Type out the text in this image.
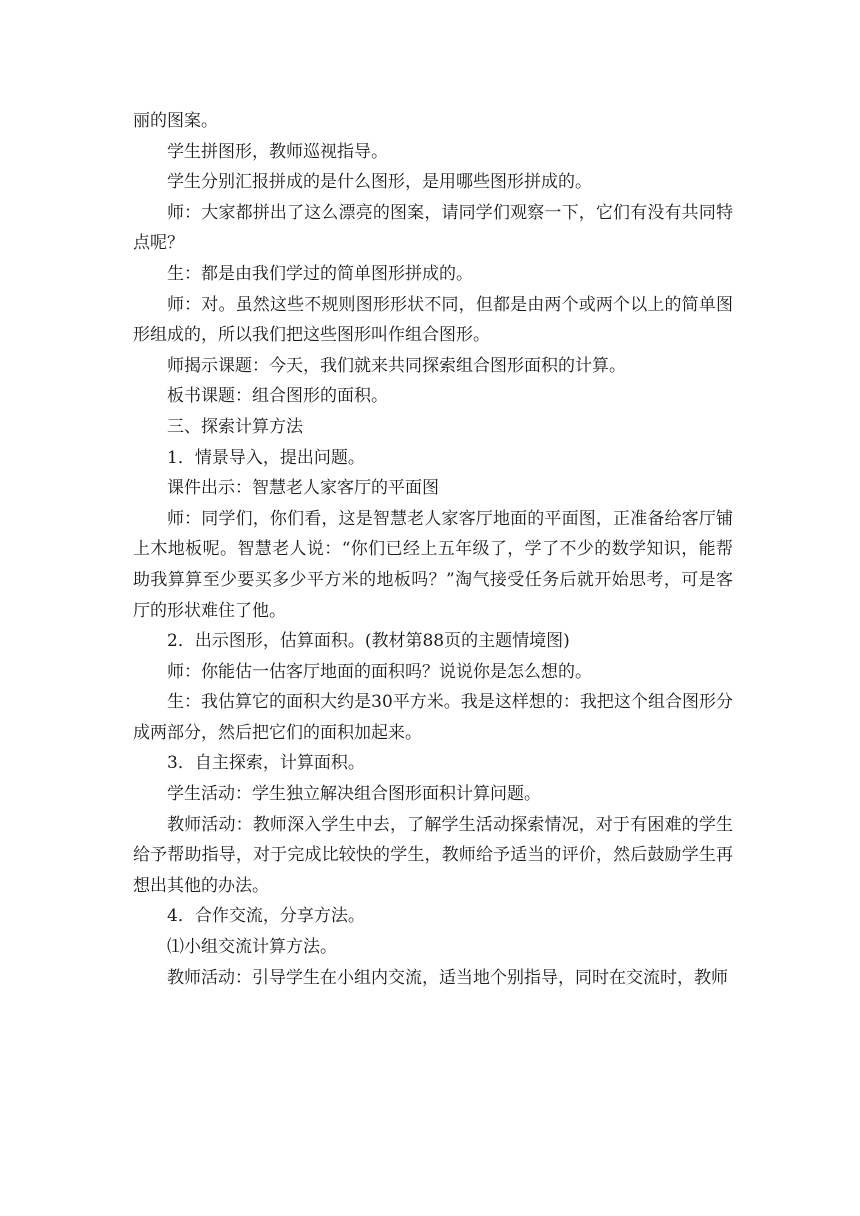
丽的图案。

学生拼图形，教师巡视指导。

学生分别汇报拼成的是什么图形，是用哪些图形拼成的。

师：大家都拼出了这么漂亮的图案，请同学们观察一下，它们有没有共同特点呢？

生：都是由我们学过的简单图形拼成的。

师：对。虽然这些不规则图形形状不同，但都是由两个或两个以上的简单图形组成的，所以我们把这些图形叫作组合图形。

师揭示课题：今天，我们就来共同探索组合图形面积的计算。

板书课题：组合图形的面积。

三、探索计算方法

1．情景导入，提出问题。

课件出示：智慧老人家客厅的平面图

师：同学们，你们看，这是智慧老人家客厅地面的平面图，正准备给客厅铺上木地板呢。智慧老人说：“你们已经上五年级了，学了不少的数学知识，能帮助我算算至少要买多少平方米的地板吗？”淘气接受任务后就开始思考，可是客厅的形状难住了他。

2．出示图形，估算面积。(教材第88页的主题情境图)

师：你能估一估客厅地面的面积吗？说说你是怎么想的。

生：我估算它的面积大约是30平方米。我是这样想的：我把这个组合图形分成两部分，然后把它们的面积加起来。

3．自主探索，计算面积。

学生活动：学生独立解决组合图形面积计算问题。

教师活动：教师深入学生中去，了解学生活动探索情况，对于有困难的学生给予帮助指导，对于完成比较快的学生，教师给予适当的评价，然后鼓励学生再想出其他的办法。

4．合作交流，分享方法。

⑴小组交流计算方法。

教师活动：引导学生在小组内交流，适当地个别指导，同时在交流时，教师
